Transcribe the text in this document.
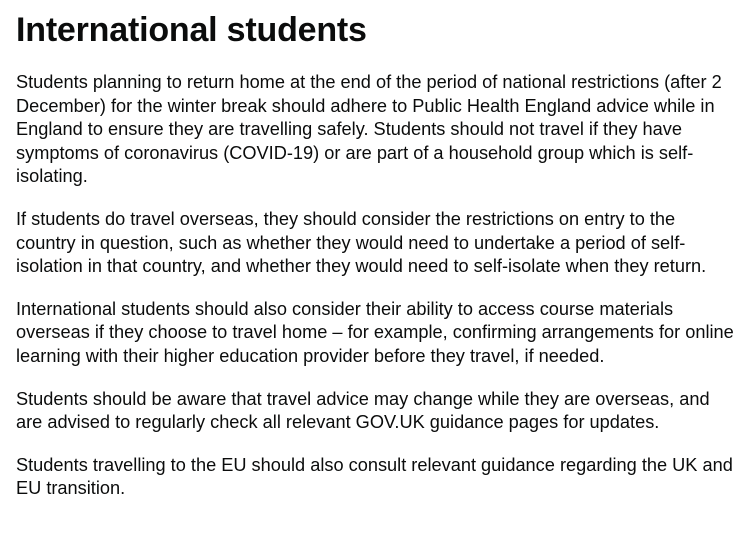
International students

Students planning to return home at the end of the period of national restrictions (after 2 December) for the winter break should adhere to Public Health England advice while in England to ensure they are travelling safely. Students should not travel if they have symptoms of coronavirus (COVID-19) or are part of a household group which is self-isolating.

If students do travel overseas, they should consider the restrictions on entry to the country in question, such as whether they would need to undertake a period of self-isolation in that country, and whether they would need to self-isolate when they return.

International students should also consider their ability to access course materials overseas if they choose to travel home – for example, confirming arrangements for online learning with their higher education provider before they travel, if needed.

Students should be aware that travel advice may change while they are overseas, and are advised to regularly check all relevant GOV.UK guidance pages for updates.

Students travelling to the EU should also consult relevant guidance regarding the UK and EU transition.
